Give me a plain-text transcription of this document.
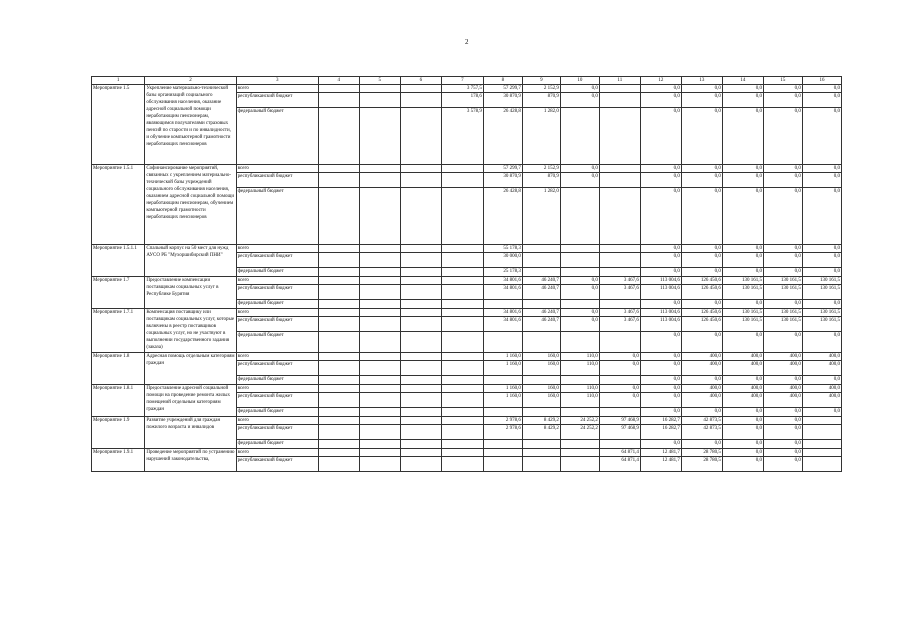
2
1	2	3	4	5	6	7	8	9	10	11	12	13	14	15	16
Мероприятие 1.5	Укрепление материально-технической базы организаций социального обслуживания населения, оказание адресной социальной помощи неработающим пенсионерам, являющимся получателями страховых пенсий по старости и по инвалидности, и обучение компьютерной грамотности неработающих пенсионеров	всего				3 757,5	57 299,7	2 152,9	0,0		0,0	0,0	0,0	0,0	0,0
		республиканский бюджет				178,6	30 870,9	870,9	0,0		0,0	0,0	0,0	0,0	0,0
		федеральный бюджет				3 578,9	26 428,8	1 282,0			0,0	0,0	0,0	0,0	0,0
Мероприятие 1.5.1	Софинансирование мероприятий, связанных с укреплением материально-технической базы учреждений социального обслуживания населения, оказанием адресной социальной помощи неработающим пенсионерам, обучением компьютерной грамотности неработающих пенсионеров	всего					57 299,7	2 152,9	0,0		0,0	0,0	0,0	0,0	0,0
		республиканский бюджет					30 870,9	870,9	0,0		0,0	0,0	0,0	0,0	0,0
		федеральный бюджет					26 428,8	1 282,0			0,0	0,0	0,0	0,0	0,0
Мероприятие 1.5.1.1	Спальный корпус на 50 мест для нужд АУСО РБ "Мухоршибирский ПНИ"	всего					55 178,3				0,0	0,0	0,0	0,0	0,0
		республиканский бюджет					30 000,0				0,0	0,0	0,0	0,0	0,0
		федеральный бюджет					25 178,3				0,0	0,0	0,0	0,0	0,0
Мероприятие 1.7	Предоставление компенсации поставщикам социальных услуг в Республике Бурятия	всего					34 801,6	46 240,7	0,0	3 467,6	113 004,6	126 450,6	130 161,5	130 161,5	130 161,5
		республиканский бюджет					34 801,6	46 240,7	0,0	3 467,6	113 004,6	126 450,6	130 161,5	130 161,5	130 161,5
		федеральный бюджет									0,0	0,0	0,0	0,0	0,0
Мероприятие 1.7.1	Компенсация поставщику или поставщикам социальных услуг, которые включены в реестр поставщиков социальных услуг, но не участвуют в выполнении государственного задания (заказа)	всего					34 801,6	46 240,7	0,0	3 467,6	113 004,6	126 450,6	130 161,5	130 161,5	130 161,5
		республиканский бюджет					34 801,6	46 240,7	0,0	3 467,6	113 004,6	126 450,6	130 161,5	130 161,5	130 161,5
		федеральный бюджет									0,0	0,0	0,0	0,0	0,0
Мероприятие 1.8	Адресная помощь отдельным категориям граждан	всего					1 160,0	160,0	110,0	0,0	0,0	400,0	400,0	400,0	400,0
		республиканский бюджет					1 160,0	160,0	110,0	0,0	0,0	400,0	400,0	400,0	400,0
		федеральный бюджет									0,0	0,0	0,0	0,0	0,0
Мероприятие 1.8.1	Предоставление адресной социальной помощи на проведение ремонта жилых помещений отдельным категориям граждан	всего					1 160,0	160,0	110,0	0,0	0,0	400,0	400,0	400,0	400,0
		республиканский бюджет					1 160,0	160,0	110,0	0,0	0,0	400,0	400,0	400,0	400,0
		федеральный бюджет									0,0	0,0	0,0	0,0	0,0
Мероприятие 1.9	Развитие учреждений для граждан пожилого возраста и инвалидов	всего					2 978,6	8 429,2	24 252,2	97 468,9	16 282,7	42 873,5	0,0	0,0	
		республиканский бюджет					2 978,6	8 429,2	24 252,2	97 468,9	16 282,7	42 873,5	0,0	0,0	
		федеральный бюджет									0,0	0,0	0,0	0,0	
Мероприятие 1.9.1	Проведение мероприятий по устранению нарушений законодательства,	всего								64 871,4	12 481,7	28 780,5	0,0	0,0	
		республиканский бюджет								64 871,4	12 481,7	28 780,5	0,0	0,0	
